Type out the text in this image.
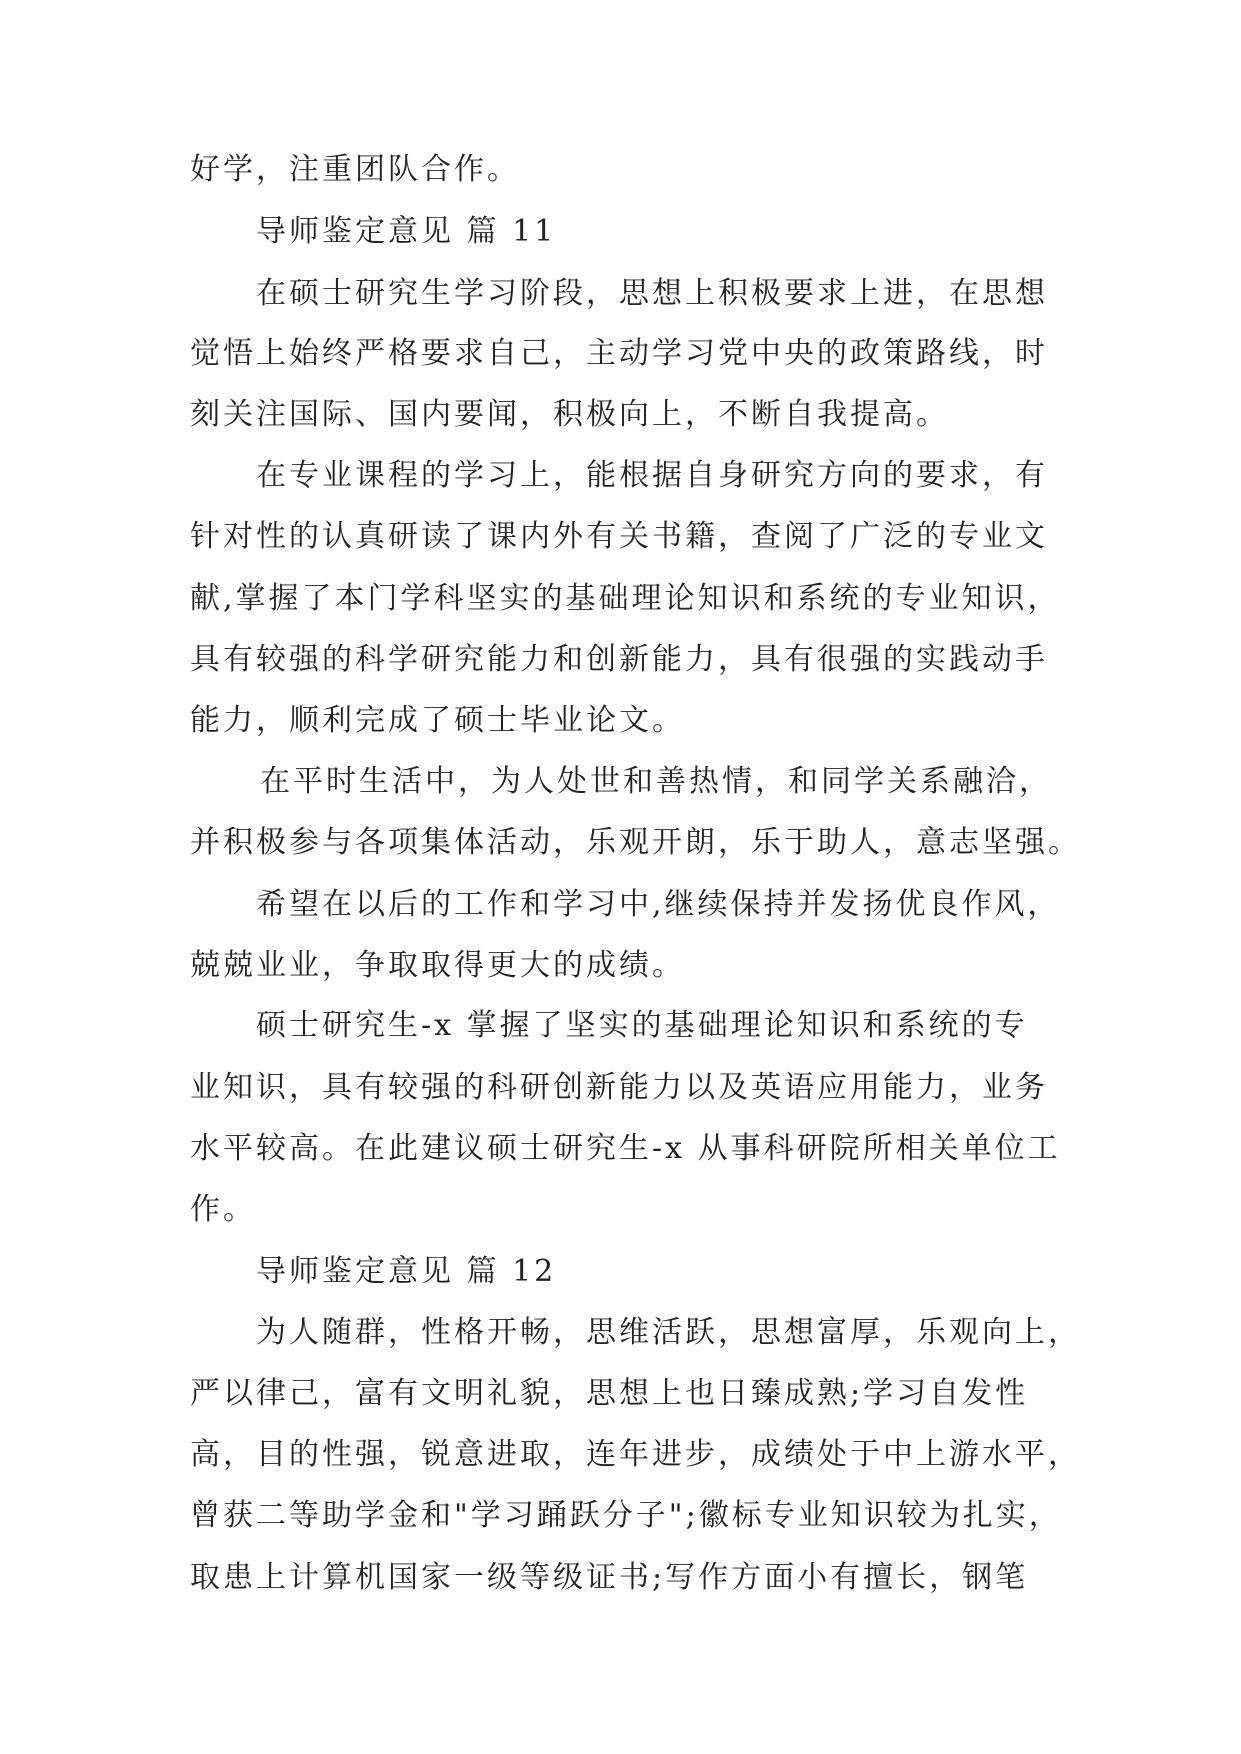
好学，注重团队合作。
导师鉴定意见 篇 11
在硕士研究生学习阶段，思想上积极要求上进，在思想
觉悟上始终严格要求自己，主动学习党中央的政策路线，时
刻关注国际、国内要闻，积极向上，不断自我提高。
在专业课程的学习上，能根据自身研究方向的要求，有
针对性的认真研读了课内外有关书籍，查阅了广泛的专业文
献,掌握了本门学科坚实的基础理论知识和系统的专业知识，
具有较强的科学研究能力和创新能力，具有很强的实践动手
能力，顺利完成了硕士毕业论文。
在平时生活中，为人处世和善热情，和同学关系融洽，
并积极参与各项集体活动，乐观开朗，乐于助人，意志坚强。
希望在以后的工作和学习中,继续保持并发扬优良作风，
兢兢业业，争取取得更大的成绩。
硕士研究生-x 掌握了坚实的基础理论知识和系统的专
业知识，具有较强的科研创新能力以及英语应用能力，业务
水平较高。在此建议硕士研究生-x 从事科研院所相关单位工
作。
导师鉴定意见 篇 12
为人随群，性格开畅，思维活跃，思想富厚，乐观向上，
严以律己，富有文明礼貌，思想上也日臻成熟;学习自发性
高，目的性强，锐意进取，连年进步，成绩处于中上游水平，
曾获二等助学金和"学习踊跃分子";徽标专业知识较为扎实，
取患上计算机国家一级等级证书;写作方面小有擅长，钢笔
